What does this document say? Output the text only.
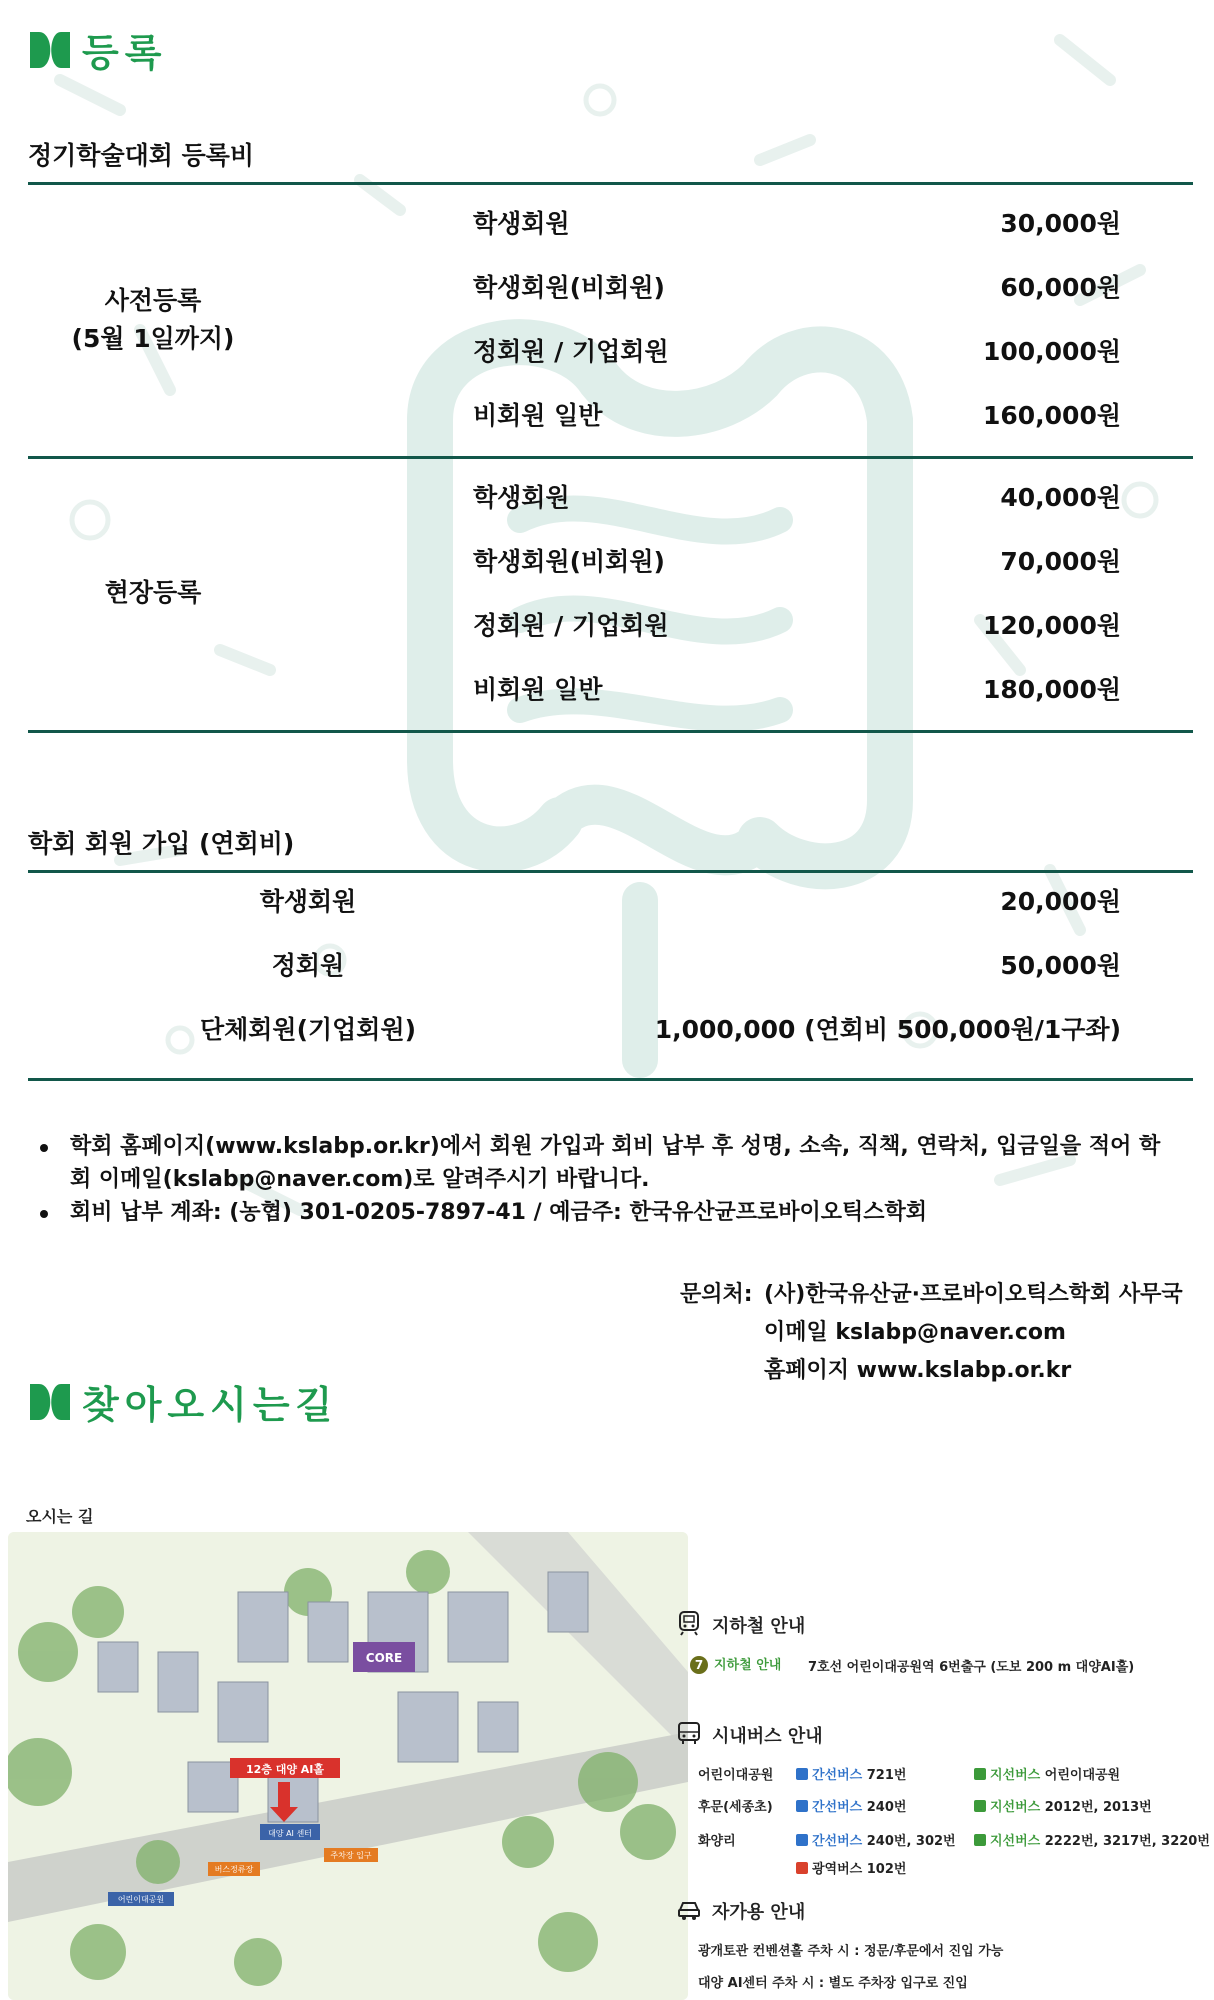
등록
정기학술대회 등록비
사전등록
(5월 1일까지)
학생회원	30,000원
학생회원(비회원)	60,000원
정회원 / 기업회원	100,000원
비회원 일반	160,000원
현장등록
학생회원	40,000원
학생회원(비회원)	70,000원
정회원 / 기업회원	120,000원
비회원 일반	180,000원
학회 회원 가입 (연회비)
학생회원	20,000원
정회원	50,000원
단체회원(기업회원)	1,000,000 (연회비 500,000원/1구좌)
학회 홈페이지(www.kslabp.or.kr)에서 회원 가입과 회비 납부 후 성명, 소속, 직책, 연락처, 입금일을 적어 학회 이메일(kslabp@naver.com)로 알려주시기 바랍니다.
회비 납부 계좌: (농협) 301-0205-7897-41 / 예금주: 한국유산균프로바이오틱스학회
문의처: (사)한국유산균·프로바이오틱스학회 사무국
이메일 kslabp@naver.com
홈페이지 www.kslabp.or.kr
찾아오시는길
오시는 길
CORE
12층 대양 AI홀
대양 AI 센터
주차장 입구
버스정류장
어린이대공원
지하철 안내
7 지하철 안내 7호선 어린이대공원역 6번출구 (도보 200 m 대양AI홀)
시내버스 안내
어린이대공원	간선버스 721번	지선버스 어린이대공원
후문(세종초)	간선버스 240번	지선버스 2012번, 2013번
화양리	간선버스 240번, 302번	지선버스 2222번, 3217번, 3220번
광역버스 102번
자가용 안내
광개토관 컨벤션홀 주차 시 : 정문/후문에서 진입 가능
대양 AI센터 주차 시 : 별도 주차장 입구로 진입
